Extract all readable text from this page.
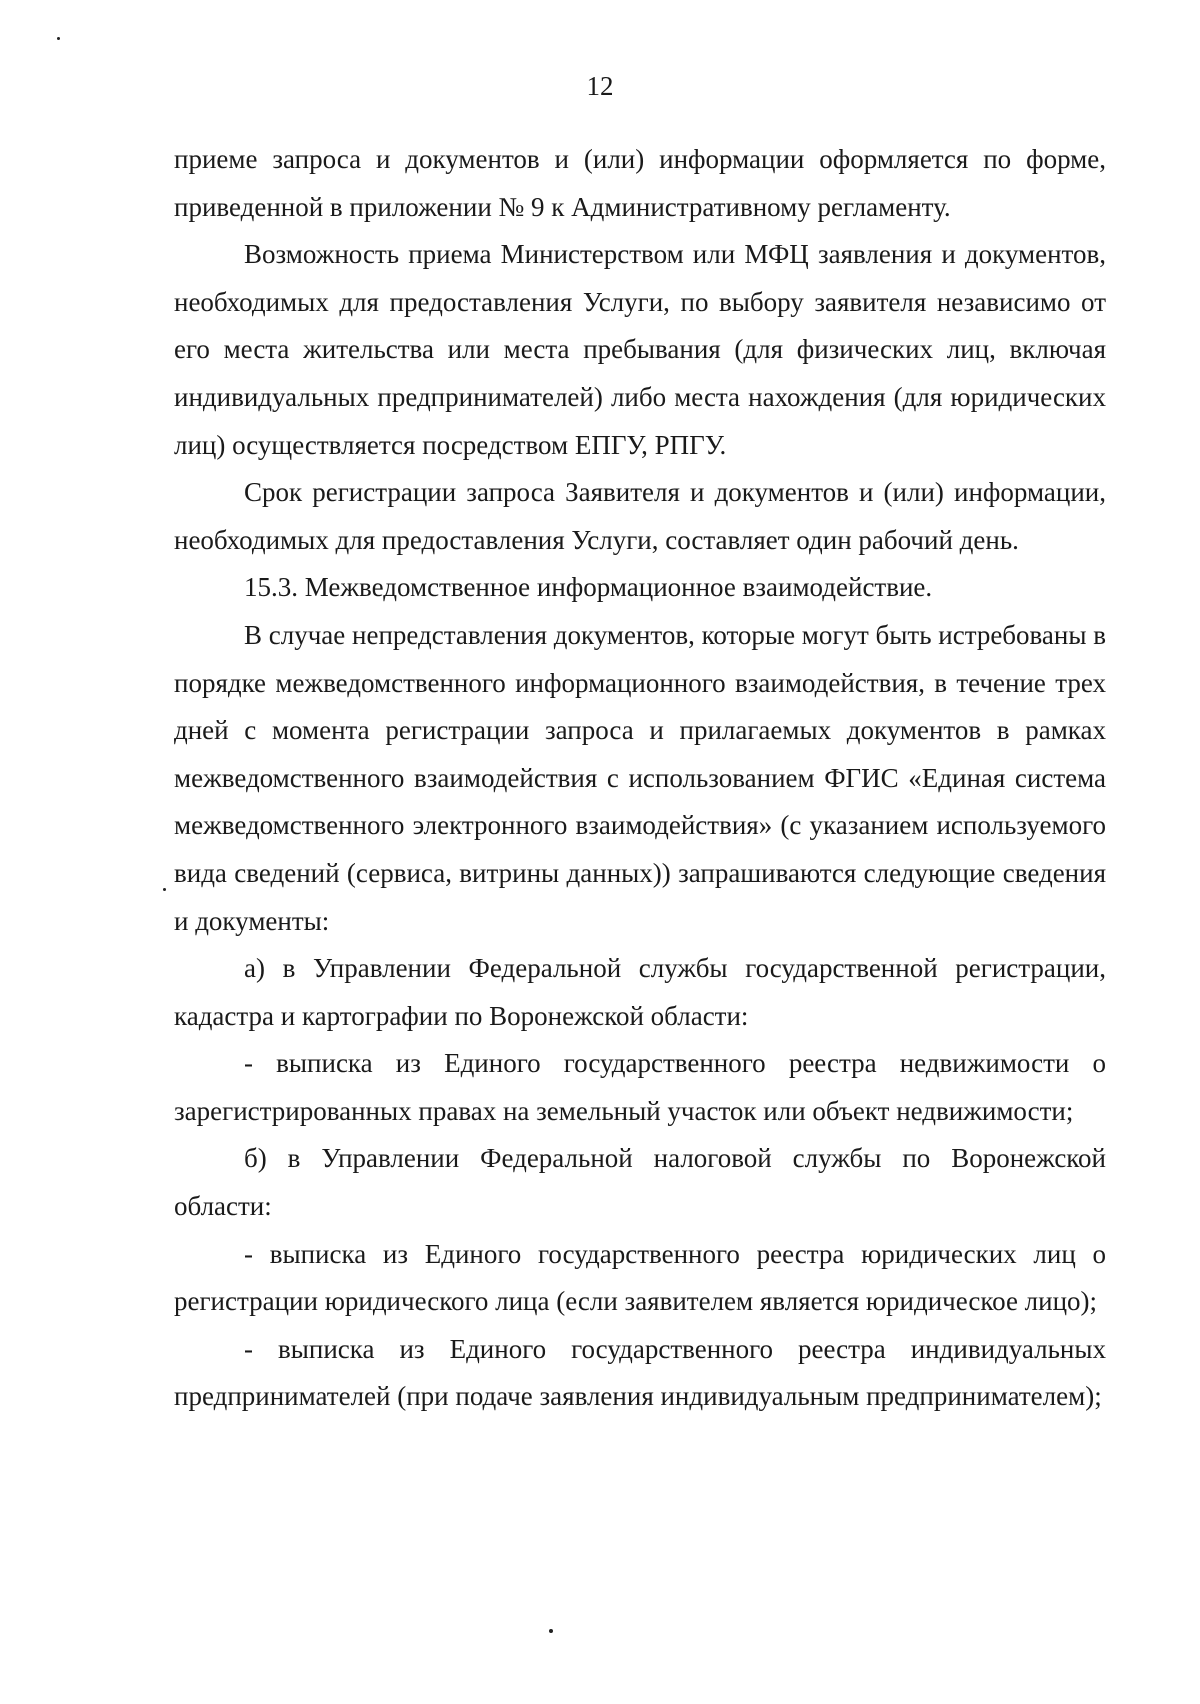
12

приеме запроса и документов и (или) информации оформляется по форме, приведенной в приложении № 9 к Административному регламенту.

Возможность приема Министерством или МФЦ заявления и документов, необходимых для предоставления Услуги, по выбору заявителя независимо от его места жительства или места пребывания (для физических лиц, включая индивидуальных предпринимателей) либо места нахождения (для юридических лиц) осуществляется посредством ЕПГУ, РПГУ.

Срок регистрации запроса Заявителя и документов и (или) информации, необходимых для предоставления Услуги, составляет один рабочий день.

15.3. Межведомственное информационное взаимодействие.

В случае непредставления документов, которые могут быть истребованы в порядке межведомственного информационного взаимодействия, в течение трех дней с момента регистрации запроса и прилагаемых документов в рамках межведомственного взаимодействия с использованием ФГИС «Единая система межведомственного электронного взаимодействия» (с указанием используемого вида сведений (сервиса, витрины данных)) запрашиваются следующие сведения и документы:

а) в Управлении Федеральной службы государственной регистрации, кадастра и картографии по Воронежской области:

- выписка из Единого государственного реестра недвижимости о зарегистрированных правах на земельный участок или объект недвижимости;

б) в Управлении Федеральной налоговой службы по Воронежской области:

- выписка из Единого государственного реестра юридических лиц о регистрации юридического лица (если заявителем является юридическое лицо);

- выписка из Единого государственного реестра индивидуальных предпринимателей (при подаче заявления индивидуальным предпринимателем);
